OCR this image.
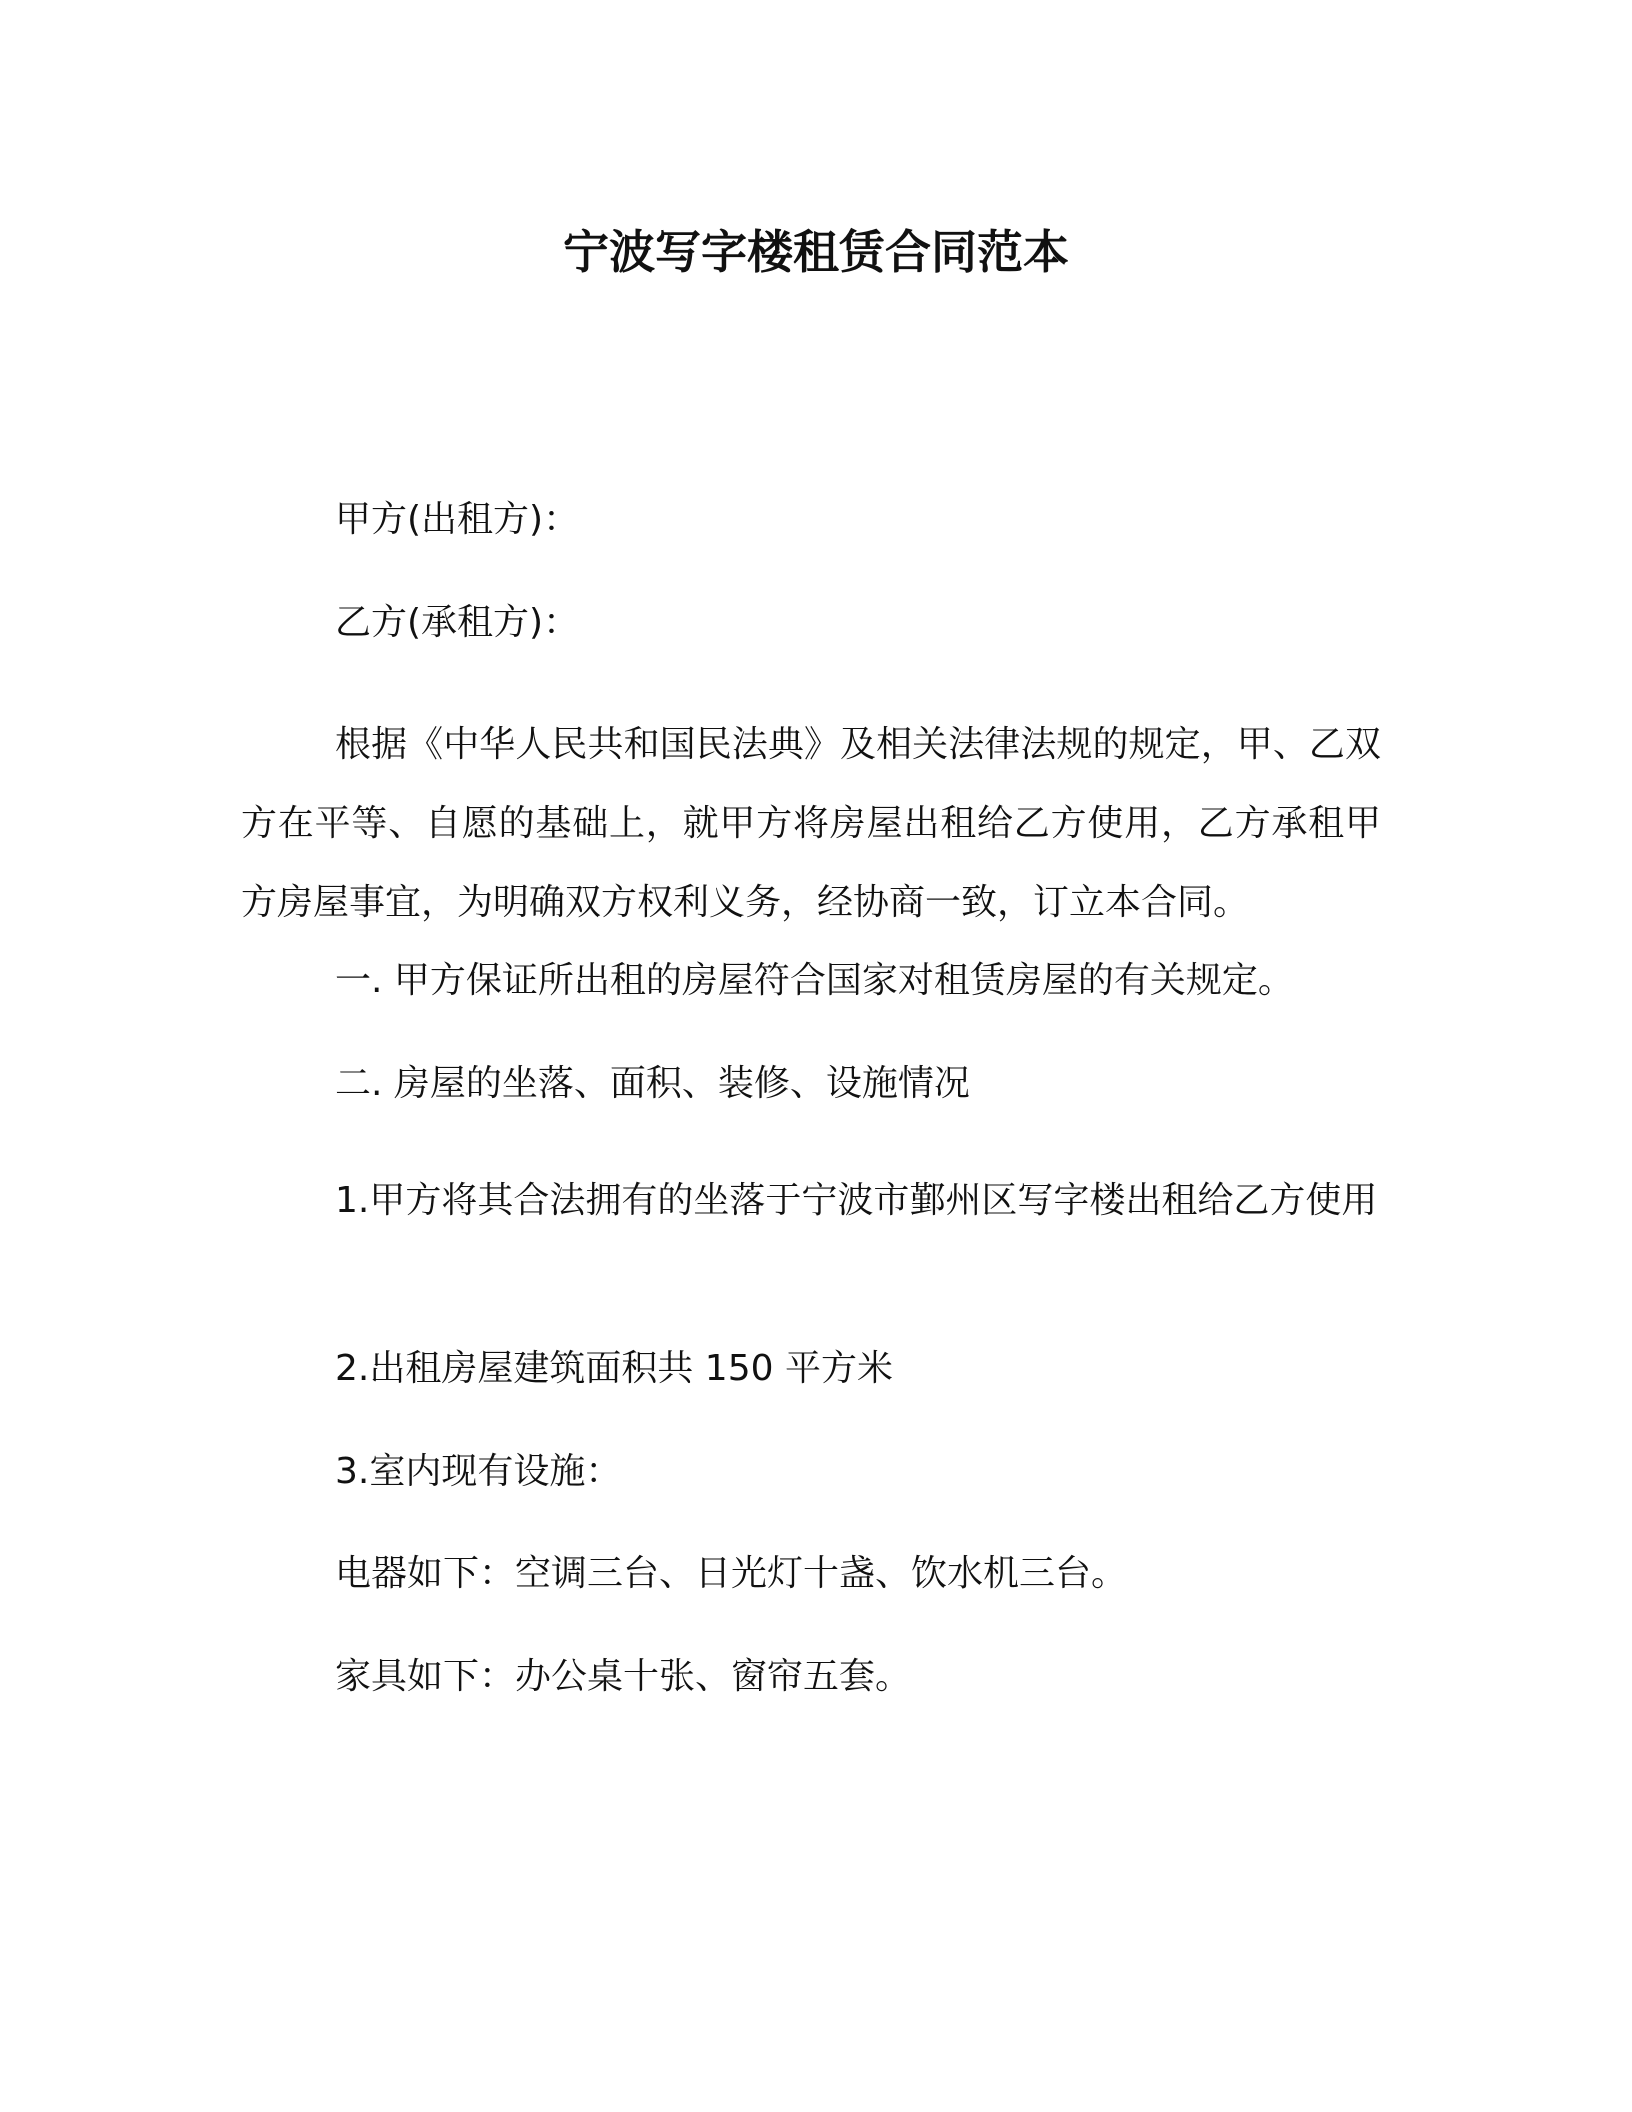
宁波写字楼租赁合同范本
甲方(出租方)：
乙方(承租方)：
根据《中华人民共和国民法典》及相关法律法规的规定，甲、乙双方在平等、自愿的基础上，就甲方将房屋出租给乙方使用，乙方承租甲方房屋事宜，为明确双方权利义务，经协商一致，订立本合同。
一. 甲方保证所出租的房屋符合国家对租赁房屋的有关规定。
二. 房屋的坐落、面积、装修、设施情况
1.甲方将其合法拥有的坐落于宁波市鄞州区写字楼出租给乙方使用
2.出租房屋建筑面积共 150 平方米
3.室内现有设施：
电器如下：空调三台、日光灯十盏、饮水机三台。
家具如下：办公桌十张、窗帘五套。
